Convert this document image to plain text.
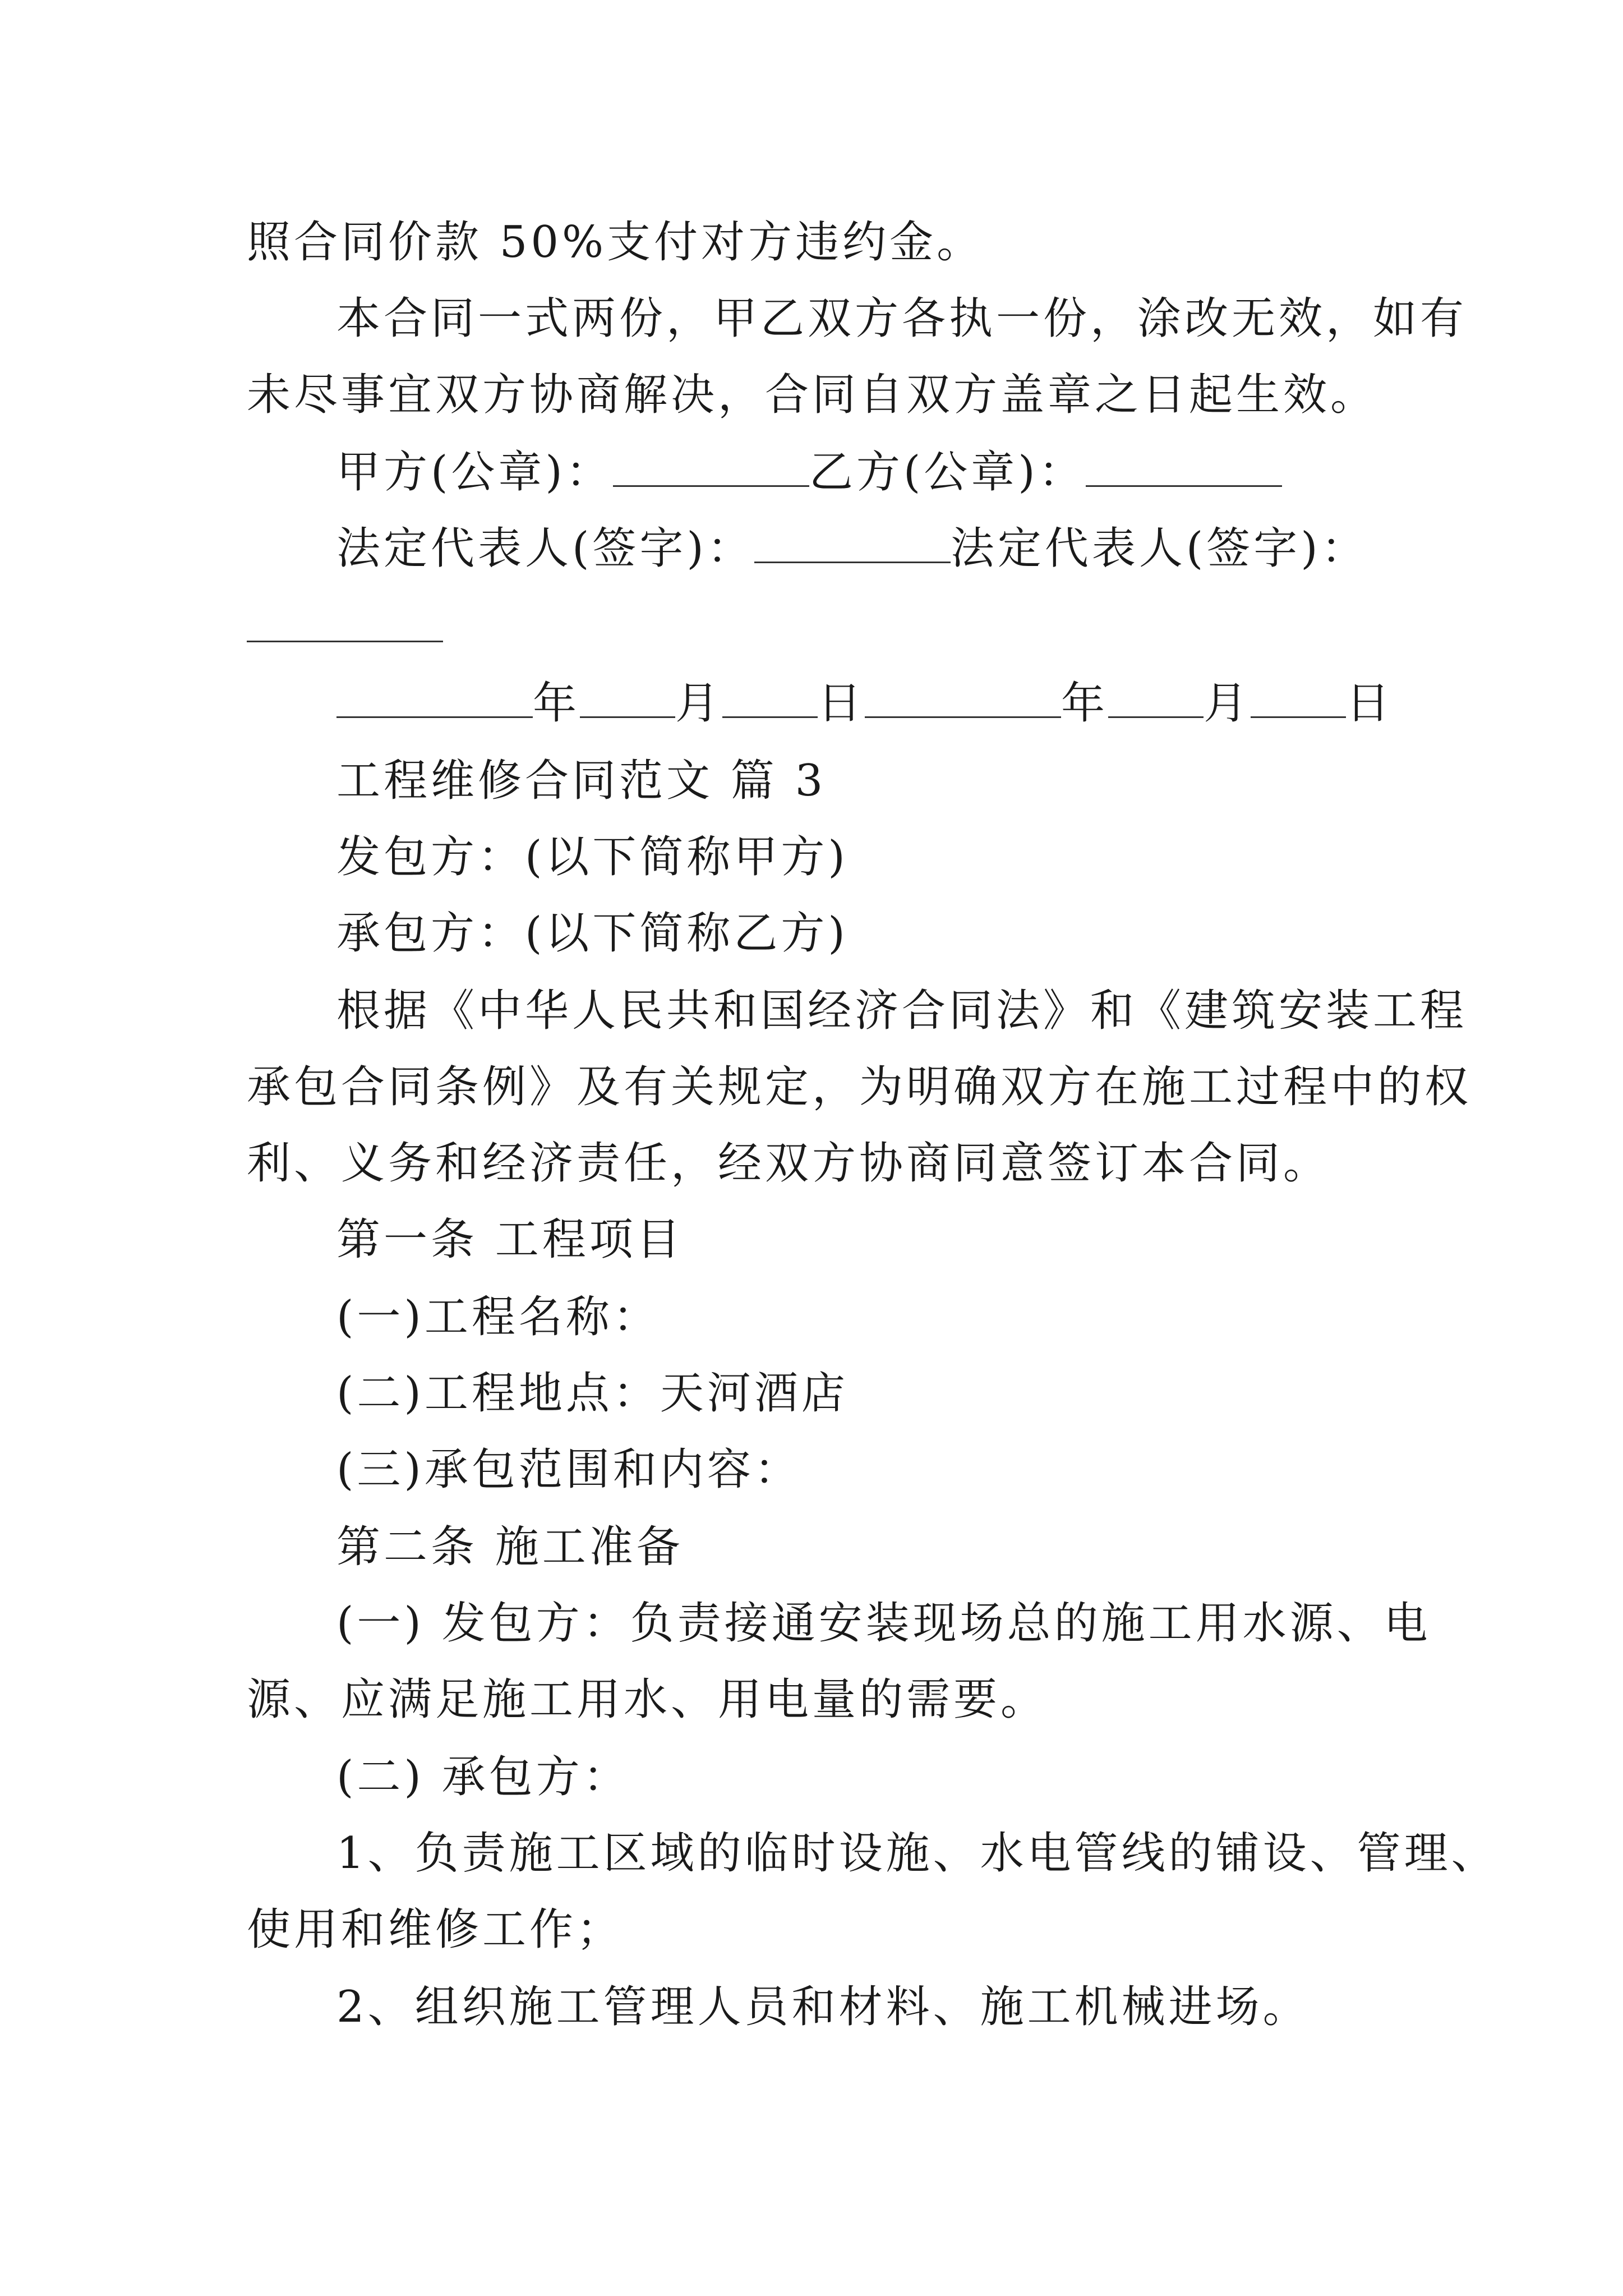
照合同价款 50%支付对方违约金。
本合同一式两份，甲乙双方各执一份，涂改无效，如有
未尽事宜双方协商解决，合同自双方盖章之日起生效。
甲方(公章)：	乙方(公章)：
法定代表人(签字)：	法定代表人(签字)：
年 月 日	年 月 日
工程维修合同范文 篇 3
发包方：(以下简称甲方)
承包方：(以下简称乙方)
根据《中华人民共和国经济合同法》和《建筑安装工程
承包合同条例》及有关规定，为明确双方在施工过程中的权
利、义务和经济责任，经双方协商同意签订本合同。
第一条 工程项目
(一)工程名称：
(二)工程地点：天河酒店
(三)承包范围和内容：
第二条 施工准备
(一) 发包方：负责接通安装现场总的施工用水源、电
源、应满足施工用水、用电量的需要。
(二) 承包方：
1、负责施工区域的临时设施、水电管线的铺设、管理、
使用和维修工作；
2、组织施工管理人员和材料、施工机械进场。
